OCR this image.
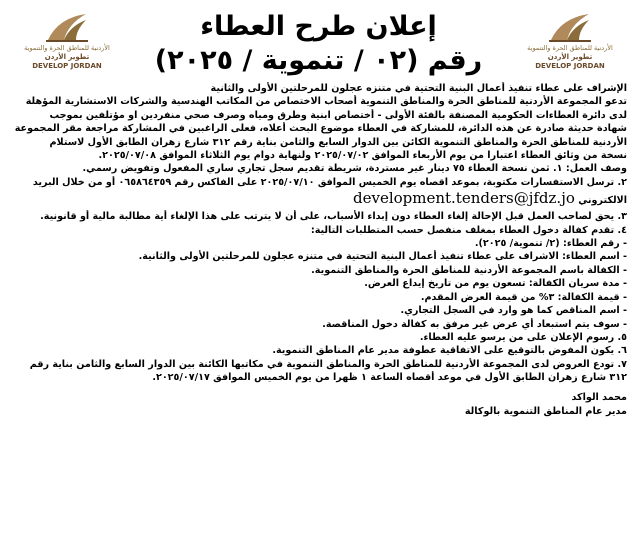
الأردنية للمناطق الحرة والتنموية
تطوير الأردن
DEVELOP JORDAN
إعلان طرح العطاء
رقم (٠٢ / تنموية / ٢٠٢٥)
الأردنية للمناطق الحرة والتنموية
تطوير الأردن
DEVELOP JORDAN

الإشراف على عطاء تنفيذ أعمال البنية التحتية في متنزه عجلون للمرحلتين الأولى والثانية

تدعو المجموعة الأردنية للمناطق الحرة والمناطق التنموية أصحاب الاختصاص من المكاتب الهندسية والشركات الاستشارية المؤهلة

لدى دائرة العطاءات الحكومية المصنفة بالفئة الأولى - أختصاص ابنية وطرق ومياه وصرف صحي منفردين او مؤتلفين بموجب

شهادة حديثة صادرة عن هذه الدائرة، للمشاركة في العطاء موضوع البحث أعلاه، فعلى الراغبين في المشاركة مراجعة مقر المجموعة

الأردنية للمناطق الحرة والمناطق التنموية الكائن بين الدوار السابع والثامن بناية رقم ٣١٢ شارع زهران الطابق الأول لاستلام

نسخة من وثائق العطاء اعتبارا من يوم الأربعاء الموافق ٢٠٢٥/٠٧/٠٢ ولنهاية دوام يوم الثلاثاء الموافق ٢٠٢٥/٠٧/٠٨.

وصف العمل: ١. ثمن نسخة العطاء ٧٥ دينار غير مستردة، شريطة تقديم سجل تجاري ساري المفعول وتفويض رسمي.

٢. ترسل الاستفسارات مكتوبة، بموعد اقصاه يوم الخميس الموافق ٢٠٢٥/٠٧/١٠ على الفاكس رقم ٠٦٥٨٦٤٣٥٩ أو من خلال البريد

الالكتروني development.tenders@jfdz.jo

٣. يحق لصاحب العمل قبل الإحالة إلغاء العطاء دون إبداء الأسباب، على أن لا يترتب على هذا الإلغاء أية مطالبة مالية أو قانونية.

٤. تقدم كفالة دخول العطاء بمغلف منفصل حسب المتطلبات التالية:

- رقم العطاء: (٢/ تنموية/ ٢٠٢٥).

- اسم العطاء: الاشراف على عطاء تنفيذ أعمال البنية التحتية في متنزه عجلون للمرحلتين الأولى والثانية.

- الكفالة باسم المجموعة الأردنية للمناطق الحرة والمناطق التنموية.

- مدة سريان الكفالة: تسعون يوم من تاريخ إيداع العرض.

- قيمة الكفالة: ٣% من قيمة العرض المقدم.

- اسم المناقص كما هو وارد في السجل التجاري.

- سوف يتم استبعاد أي عرض غير مرفق به كفالة دخول المناقصة.

٥. رسوم الإعلان على من يرسو عليه العطاء.

٦. يكون المفوض بالتوقيع على الاتفاقية عطوفة مدير عام المناطق التنموية.

٧. تودع العروض لدى المجموعة الأردنية للمناطق الحرة والمناطق التنموية في مكاتبها الكائنة بين الدوار السابع والثامن بناية رقم

٣١٢ شارع زهران الطابق الأول في موعد أقصاه الساعة ١ ظهرا من يوم الخميس الموافق ٢٠٢٥/٠٧/١٧.

محمد الواكد
مدير عام المناطق التنموية بالوكالة
